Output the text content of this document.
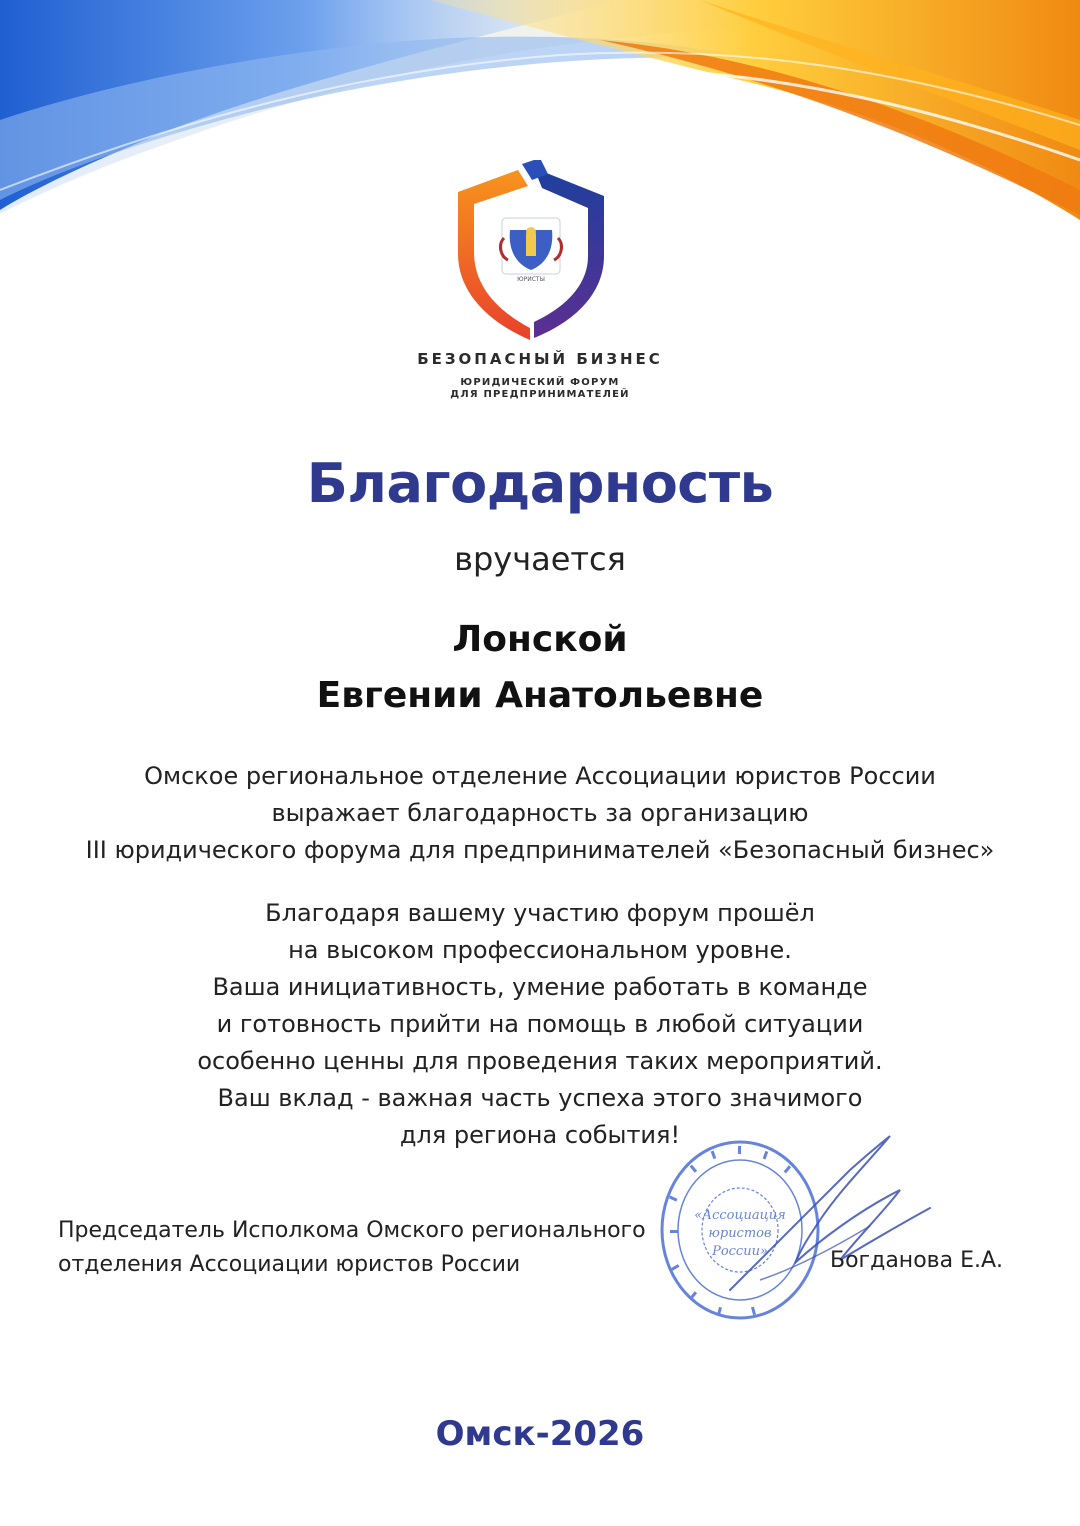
ЮРИСТЫ
БЕЗОПАСНЫЙ БИЗНЕС
ЮРИДИЧЕСКИЙ ФОРУМ
ДЛЯ ПРЕДПРИНИМАТЕЛЕЙ
Благодарность
вручается
Лонской
Евгении Анатольевне
Омское региональное отделение Ассоциации юристов России
выражает благодарность за организацию
III юридического форума для предпринимателей «Безопасный бизнес»
Благодаря вашему участию форум прошёл
на высоком профессиональном уровне.
Ваша инициативность, умение работать в команде
и готовность прийти на помощь в любой ситуации
особенно ценны для проведения таких мероприятий.
Ваш вклад - важная часть успеха этого значимого
для региона события!
Председатель Исполкома Омского регионального
отделения Ассоциации юристов России
«Ассоциация
юристов
России»	Богданова Е.А.
Омск-2026
